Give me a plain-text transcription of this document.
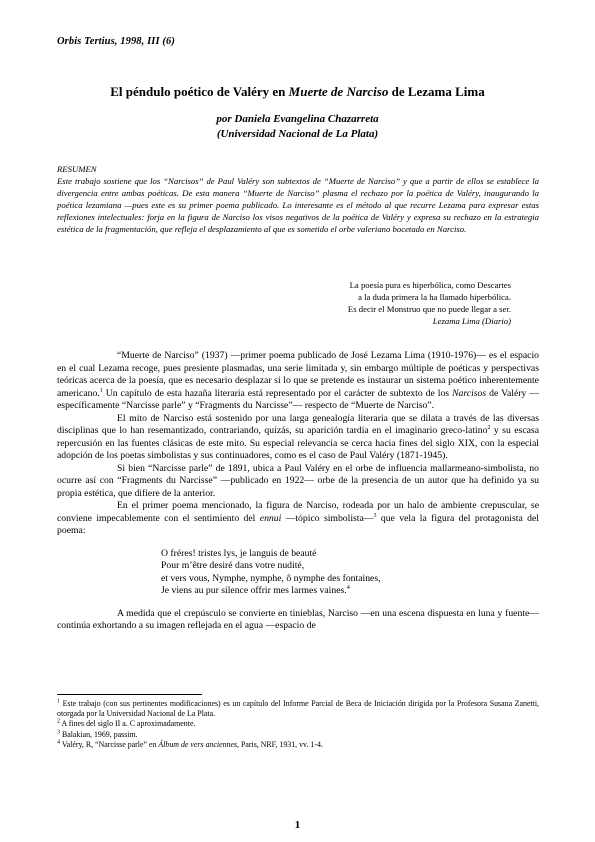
Orbis Tertius, 1998, III (6)
El péndulo poético de Valéry en Muerte de Narciso de Lezama Lima
por Daniela Evangelina Chazarreta
(Universidad Nacional de La Plata)
RESUMEN
Este trabajo sostiene que los “Narcisos” de Paul Valéry son subtextos de “Muerte de Narciso” y que a partir de ellos se establece la divergencia entre ambas poéticas. De esta manera “Muerte de Narciso” plasma el rechazo por la poética de Valéry, inaugurando la poética lezamiana —pues este es su primer poema publicado. Lo interesante es el método al que recurre Lezama para expresar estas reflexiones intelectuales: forja en la figura de Narciso los visos negativos de la poética de Valéry y expresa su rechazo en la estrategia estética de la fragmentación, que refleja el desplazamiento al que es sometido el orbe valeriano bocetado en Narciso.
La poesía pura es hiperbólica, como Descartes
a la duda primera la ha llamado hiperbólica.
Es decir el Monstruo que no puede llegar a ser.
Lezama Lima (Diario)

“Muerte de Narciso” (1937) —primer poema publicado de José Lezama Lima (1910-1976)— es el espacio en el cual Lezama recoge, pues presiente plasmadas, una serie limitada y, sin embargo múltiple de poéticas y perspectivas teóricas acerca de la poesía, que es necesario desplazar si lo que se pretende es instaurar un sistema poético inherentemente americano.$^1$ Un capítulo de esta hazaña literaria está representado por el carácter de subtexto de los Narcisos de Valéry —específicamente “Narcisse parle” y “Fragments du Narcisse”— respecto de “Muerte de Narciso”.

El mito de Narciso está sostenido por una larga genealogía literaria que se dilata a través de las diversas disciplinas que lo han resemantizado, contrariando, quizás, su aparición tardía en el imaginario greco-latino$^2$ y su escasa repercusión en las fuentes clásicas de este mito. Su especial relevancia se cerca hacia fines del siglo XIX, con la especial adopción de los poetas simbolistas y sus continuadores, como es el caso de Paul Valéry (1871-1945).

Si bien “Narcisse parle” de 1891, ubica a Paul Valéry en el orbe de influencia mallarmeano-simbolista, no ocurre así con “Fragments du Narcisse” —publicado en 1922— orbe de la presencia de un autor que ha definido ya su propia estética, que difiere de la anterior.

En el primer poema mencionado, la figura de Narciso, rodeada por un halo de ambiente crepuscular, se conviene impecablemente con el sentimiento del ennui —tópico simbolista—$^3$ que vela la figura del protagonista del poema:

O fréres! tristes lys, je languis de beauté
Pour m’être desiré dans votre nudité,
et vers vous, Nymphe, nymphe, ô nymphe des fontaines,
Je viens au pur silence offrir mes larmes vaines.$^4$

A medida que el crepúsculo se convierte en tinieblas, Narciso —en una escena dispuesta en luna y fuente— continúa exhortando a su imagen reflejada en el agua —espacio de

$^1$ Este trabajo (con sus pertinentes modificaciones) es un capítulo del Informe Parcial de Beca de Iniciación dirigida por la Profesora Susana Zanetti, otorgada por la Universidad Nacional de La Plata.
$^2$ A fines del siglo II a. C aproximadamente.
$^3$ Balakian, 1969, passim.
$^4$ Valéry, R, “Narcisse parle” en Álbum de vers anciennes, Paris, NRF, 1931, vv. 1-4.
1
